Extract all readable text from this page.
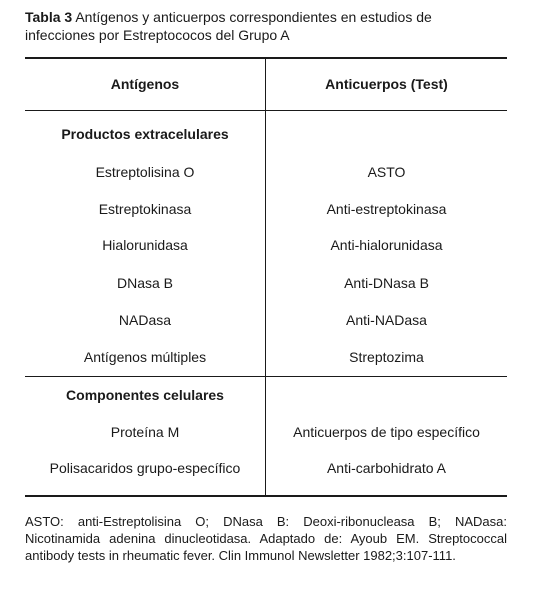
Tabla 3 Antígenos y anticuerpos correspondientes en estudios de infecciones por Estreptococos del Grupo A
Antígenos	Anticuerpos (Test)
Productos extracelulares
Estreptolisina O	ASTO
Estreptokinasa	Anti-estreptokinasa
Hialorunidasa	Anti-hialorunidasa
DNasa B	Anti-DNasa B
NADasa	Anti-NADasa
Antígenos múltiples	Streptozima
Componentes celulares
Proteína M	Anticuerpos de tipo específico
Polisacaridos grupo-específico	Anti-carbohidrato A
ASTO: anti-Estreptolisina O; DNasa B: Deoxi-ribonucleasa B; NADasa: Nicotinamida adenina dinucleotidasa. Adaptado de: Ayoub EM. Streptococcal antibody tests in rheumatic fever. Clin Immunol Newsletter 1982;3:107-111.
